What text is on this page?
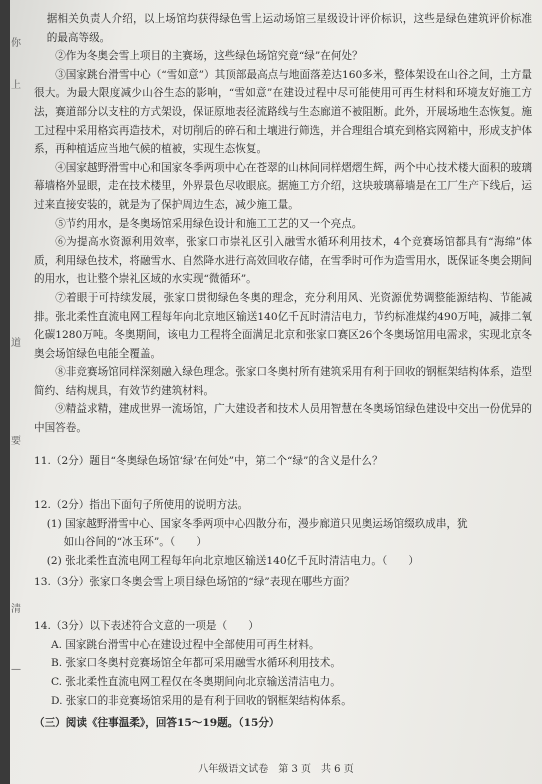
你
上
道
要
清
—

据相关负责人介绍，以上场馆均获得绿色雪上运动场馆三星级设计评价标识，这些是绿色建筑评价标准的最高等级。

②作为冬奥会雪上项目的主赛场，这些绿色场馆究竟“绿”在何处？

③国家跳台滑雪中心（“雪如意”）其顶部最高点与地面落差达160多米，整体架设在山谷之间，土方量很大。为最大限度减少山谷生态的影响，“雪如意”在建设过程中尽可能使用可再生材料和环境友好施工方法，赛道部分以支柱的方式架设，保证原地表径流路线与生态廊道不被阻断。此外，开展场地生态恢复。施工过程中采用格宾再造技术，对切削后的碎石和土壤进行筛选，并合理组合填充到格宾网箱中，形成支护体系，再种植适应当地气候的植被，实现生态恢复。

④国家越野滑雪中心和国家冬季两项中心在苍翠的山林间同样熠熠生辉，两个中心技术楼大面积的玻璃幕墙格外显眼，走在技术楼里，外界景色尽收眼底。据施工方介绍，这块玻璃幕墙是在工厂生产下线后，运过来直接安装的，就是为了保护周边生态，减少施工量。

⑤节约用水，是冬奥场馆采用绿色设计和施工工艺的又一个亮点。

⑥为提高水资源利用效率，张家口市崇礼区引入融雪水循环利用技术，4个竞赛场馆都具有“海绵”体质，利用绿色技术，将融雪水、自然降水进行高效回收存储，在雪季时可作为造雪用水，既保证冬奥会期间的用水，也让整个崇礼区域的水实现“微循环”。

⑦着眼于可持续发展，张家口贯彻绿色冬奥的理念，充分利用风、光资源优势调整能源结构、节能减排。张北柔性直流电网工程每年向北京地区输送140亿千瓦时清洁电力，节约标准煤约490万吨，减排二氧化碳1280万吨。冬奥期间，该电力工程将全面满足北京和张家口赛区26个冬奥场馆用电需求，实现北京冬奥会场馆绿色电能全覆盖。

⑧非竞赛场馆同样深刻融入绿色理念。张家口冬奥村所有建筑采用有利于回收的钢框架结构体系，造型简约、结构规具，有效节约建筑材料。

⑨精益求精，建成世界一流场馆，广大建设者和技术人员用智慧在冬奥场馆绿色建设中交出一份优异的中国答卷。

11.（2分）题目“冬奥绿色场馆‘绿’在何处”中，第二个“绿”的含义是什么？

12.（2分）指出下面句子所使用的说明方法。

(1) 国家越野滑雪中心、国家冬季两项中心四散分布，漫步廊道只见奥运场馆缀玖成串，犹

如山谷间的“冰玉环”。（　　）

(2) 张北柔性直流电网工程每年向北京地区输送140亿千瓦时清洁电力。（　　）

13.（3分）张家口冬奥会雪上项目绿色场馆的“绿”表现在哪些方面？

14.（3分）以下表述符合文意的一项是（　　）

A. 国家跳台滑雪中心在建设过程中全部使用可再生材料。

B. 张家口冬奥村竞赛场馆全年都可采用融雪水循环利用技术。

C. 张北柔性直流电网工程仅在冬奥期间向北京输送清洁电力。

D. 张家口的非竞赛场馆采用的是有利于回收的钢框架结构体系。

（三）阅读《往事温柔》，回答15～19题。（15分）

八年级语文试卷　第 3 页　共 6 页
